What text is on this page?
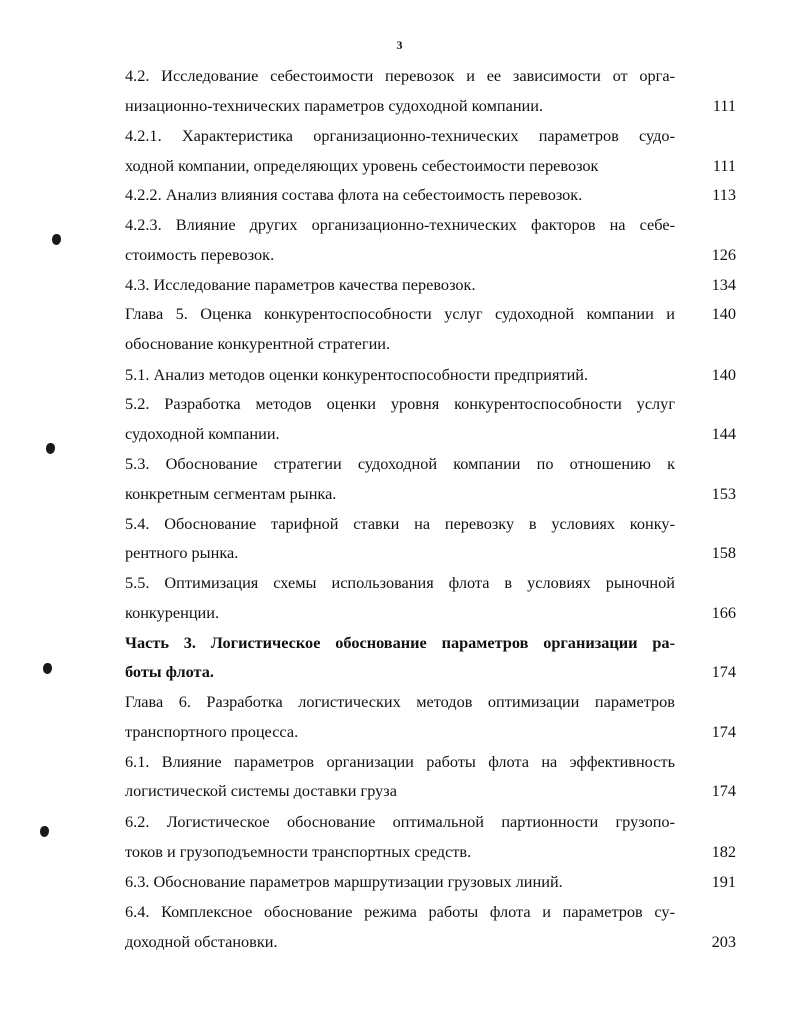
3
4.2. Исследование себестоимости перевозок и ее зависимости от орга-
низационно-технических параметров судоходной компании.	111
4.2.1. Характеристика организационно-технических параметров судо-
ходной компании, определяющих уровень себестоимости перевозок	111
4.2.2. Анализ влияния состава флота на себестоимость перевозок.	113
4.2.3. Влияние других организационно-технических факторов на себе-
стоимость перевозок.	126
4.3. Исследование параметров качества перевозок.	134
Глава 5. Оценка конкурентоспособности услуг судоходной компании и 140
обоснование конкурентной стратегии.
5.1. Анализ методов оценки конкурентоспособности предприятий.	140
5.2. Разработка методов оценки уровня конкурентоспособности услуг
судоходной компании.	144
5.3. Обоснование стратегии судоходной компании по отношению к
конкретным сегментам рынка.	153
5.4. Обоснование тарифной ставки на перевозку в условиях конку-
рентного рынка.	158
5.5. Оптимизация схемы использования флота в условиях рыночной
конкуренции.	166
Часть 3. Логистическое обоснование параметров организации ра-
боты флота.	174
Глава 6. Разработка логистических методов оптимизации параметров
транспортного процесса.	174
6.1. Влияние параметров организации работы флота на эффективность
логистической системы доставки груза	174
6.2. Логистическое обоснование оптимальной партионности грузопо-
токов и грузоподъемности транспортных средств.	182
6.3. Обоснование параметров маршрутизации грузовых линий.	191
6.4. Комплексное обоснование режима работы флота и параметров су-
доходной обстановки.	203
